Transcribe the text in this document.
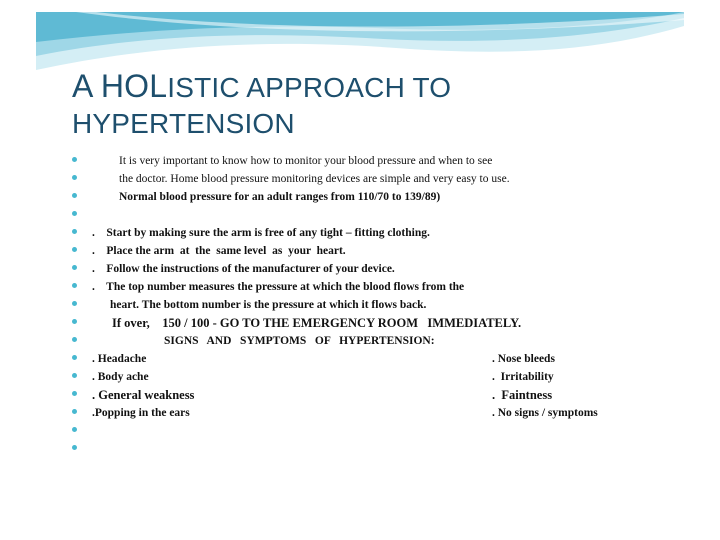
A HOLISTIC APPROACH TO
HYPERTENSION
It is very important to know how to monitor your blood pressure and when to see
the doctor. Home blood pressure monitoring devices are simple and very easy to use.
Normal blood pressure for an adult ranges from 110/70 to 139/89)
.    Start by making sure the arm is free of any tight – fitting clothing.
.    Place the arm  at  the  same level  as  your  heart.
.    Follow the instructions of the manufacturer of your device.
.    The top number measures the pressure at which the blood flows from the
heart. The bottom number is the pressure at which it flows back.
If over,    150 / 100 - GO TO THE EMERGENCY ROOM   IMMEDIATELY.
SIGNS   AND   SYMPTOMS   OF   HYPERTENSION:
. Headache	. Nose bleeds
. Body ache	.  Irritability
. General weakness	.  Faintness
.Popping in the ears	. No signs / symptoms
